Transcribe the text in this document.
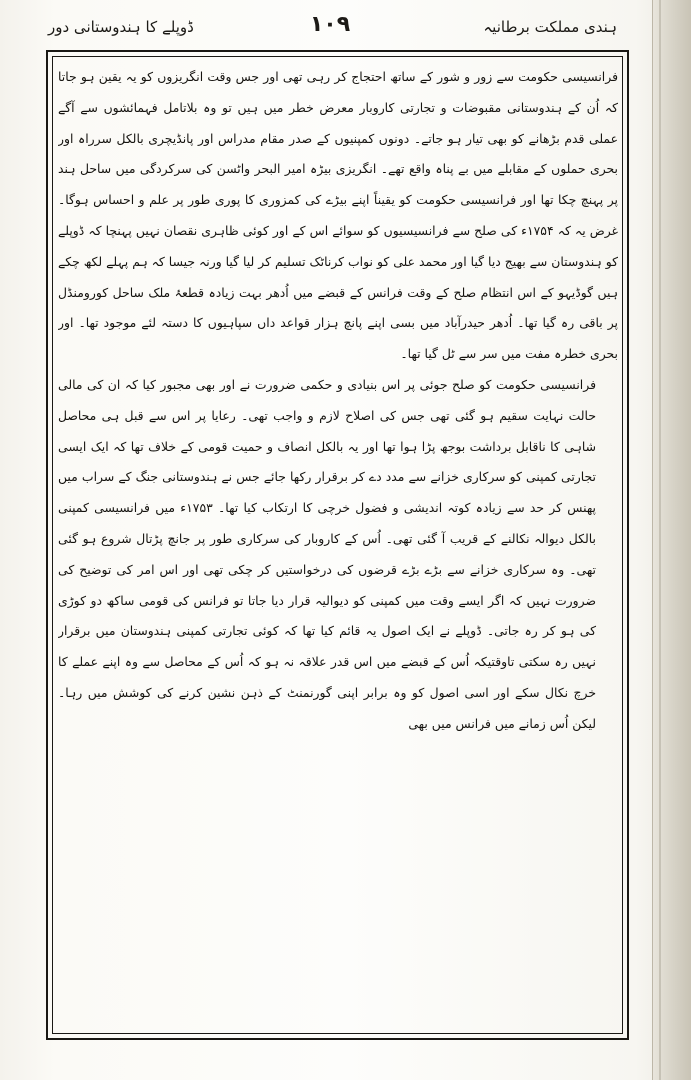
ہندی مملکت برطانیہ
۱۰۹
ڈوپلے کا ہندوستانی دور

فرانسیسی حکومت سے زور و شور کے ساتھ احتجاج کر رہی تھی اور جس وقت انگریزوں کو یہ یقین ہو جاتا کہ اُن کے ہندوستانی مقبوضات و تجارتی کاروبار معرض خطر میں ہیں تو وہ بلاتامل فہمائشوں سے آگے عملی قدم بڑھانے کو بھی تیار ہو جاتے۔ دونوں کمپنیوں کے صدر مقام مدراس اور پانڈیچری بالکل سرراہ اور بحری حملوں کے مقابلے میں بے پناہ واقع تھے۔ انگریزی بیڑہ امیر البحر واٹسن کی سرکردگی میں ساحل ہند پر پہنچ چکا تھا اور فرانسیسی حکومت کو یقیناً اپنے بیڑے کی کمزوری کا پوری طور پر علم و احساس ہوگا۔ غرض یہ کہ ۱۷۵۴ء کی صلح سے فرانسیسیوں کو سوائے اس کے اور کوئی ظاہری نقصان نہیں پہنچا کہ ڈوپلے کو ہندوستان سے بھیج دیا گیا اور محمد علی کو نواب کرناٹک تسلیم کر لیا گیا ورنہ جیسا کہ ہم پہلے لکھ چکے ہیں گوڈیہو کے اس انتظام صلح کے وقت فرانس کے قبضے میں اُدھر بہت زیادہ قطعۂ ملک ساحل کورومنڈل پر باقی رہ گیا تھا۔ اُدھر حیدرآباد میں بسی اپنے پانچ ہزار قواعد داں سپاہیوں کا دستہ لئے موجود تھا۔ اور بحری خطرہ مفت میں سر سے ٹل گیا تھا۔

فرانسیسی حکومت کو صلح جوئی پر اس بنیادی و حکمی ضرورت نے اور بھی مجبور کیا کہ ان کی مالی حالت نہایت سقیم ہو گئی تھی جس کی اصلاح لازم و واجب تھی۔ رعایا پر اس سے قبل ہی محاصل شاہی کا ناقابل برداشت بوجھ پڑا ہوا تھا اور یہ بالکل انصاف و حمیت قومی کے خلاف تھا کہ ایک ایسی تجارتی کمپنی کو سرکاری خزانے سے مدد دے کر برقرار رکھا جائے جس نے ہندوستانی جنگ کے سراب میں پھنس کر حد سے زیادہ کوتہ اندیشی و فضول خرچی کا ارتکاب کیا تھا۔ ۱۷۵۳ء میں فرانسیسی کمپنی بالکل دیوالہ نکالنے کے قریب آ گئی تھی۔ اُس کے کاروبار کی سرکاری طور پر جانچ پڑتال شروع ہو گئی تھی۔ وہ سرکاری خزانے سے بڑے بڑے قرضوں کی درخواستیں کر چکی تھی اور اس امر کی توضیح کی ضرورت نہیں کہ اگر ایسے وقت میں کمپنی کو دیوالیہ قرار دیا جاتا تو فرانس کی قومی ساکھ دو کوڑی کی ہو کر رہ جاتی۔ ڈوپلے نے ایک اصول یہ قائم کیا تھا کہ کوئی تجارتی کمپنی ہندوستان میں برقرار نہیں رہ سکتی تاوقتیکہ اُس کے قبضے میں اس قدر علاقہ نہ ہو کہ اُس کے محاصل سے وہ اپنے عملے کا خرچ نکال سکے اور اسی اصول کو وہ برابر اپنی گورنمنٹ کے ذہن نشین کرنے کی کوشش میں رہا۔ لیکن اُس زمانے میں فرانس میں بھی
